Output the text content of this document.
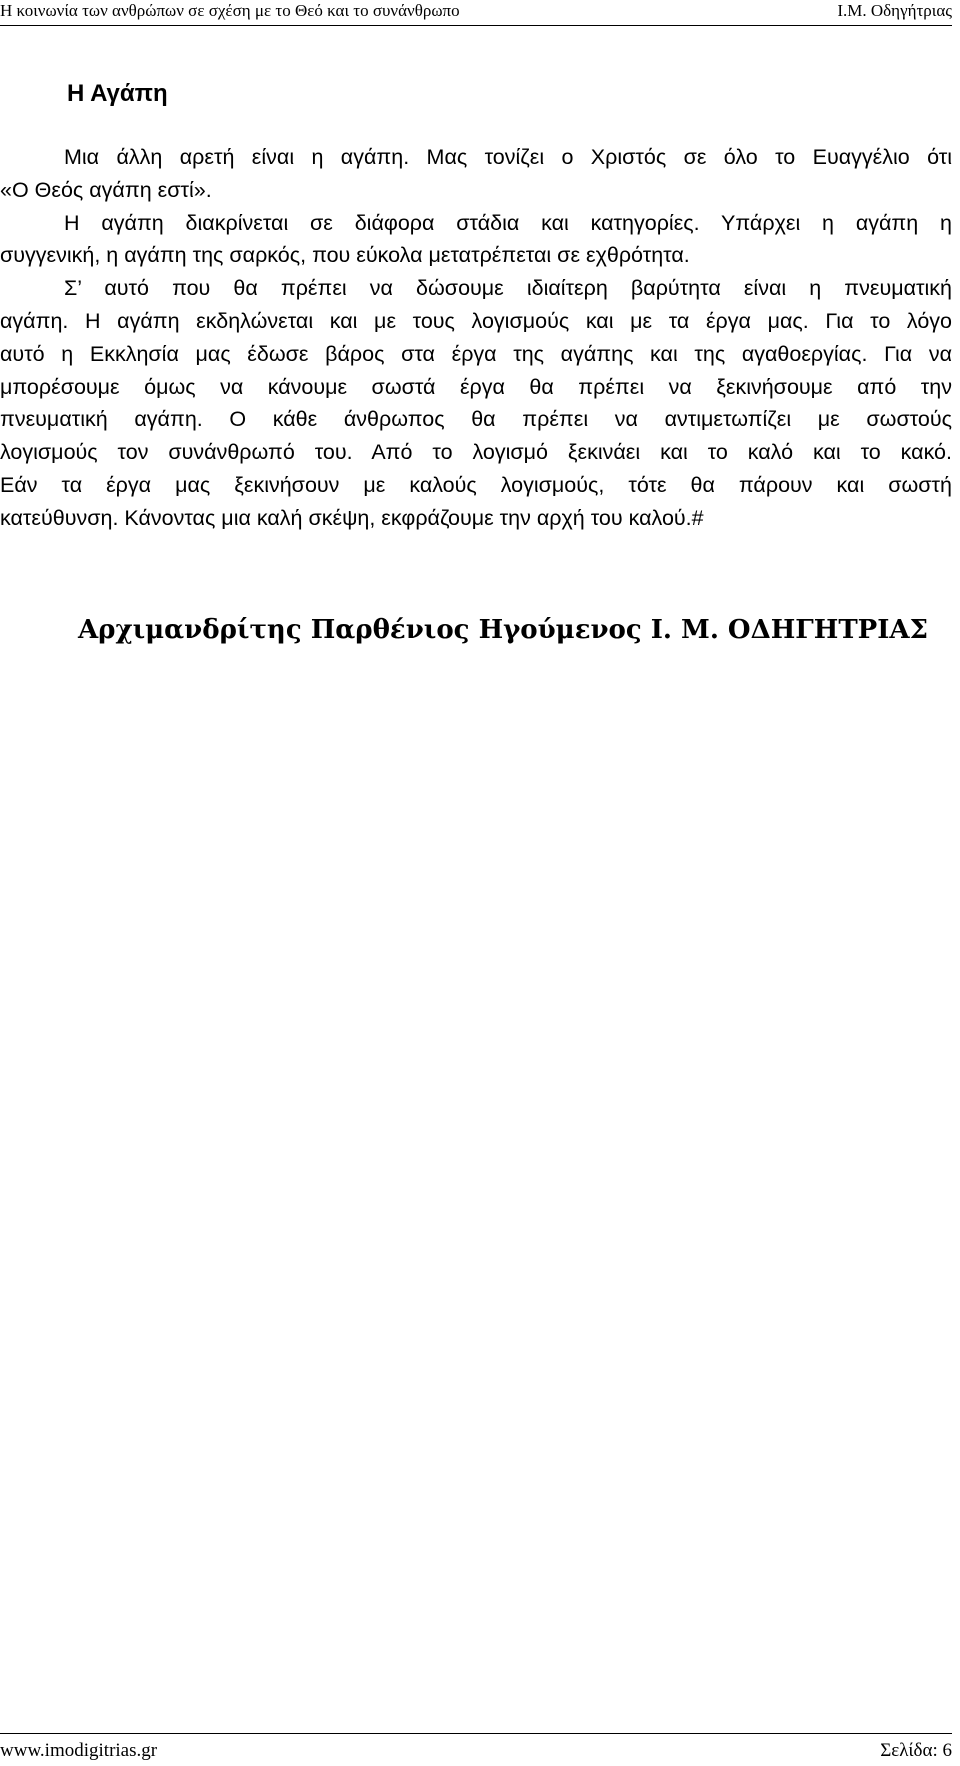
Η κοινωνία των ανθρώπων σε σχέση με το Θεό και το συνάνθρωπο	Ι.Μ. Οδηγήτριας
Η Αγάπη
Μια άλλη αρετή είναι η αγάπη. Μας τονίζει ο Χριστός σε όλο το Ευαγγέλιο ότι
«Ο Θεός αγάπη εστί».
Η αγάπη διακρίνεται σε διάφορα στάδια και κατηγορίες. Υπάρχει η αγάπη η
συγγενική, η αγάπη της σαρκός, που εύκολα μετατρέπεται σε εχθρότητα.
Σ’ αυτό που θα πρέπει να δώσουμε ιδιαίτερη βαρύτητα είναι η πνευματική
αγάπη. Η αγάπη εκδηλώνεται και με τους λογισμούς και με τα έργα μας. Για το λόγο
αυτό η Εκκλησία μας έδωσε βάρος στα έργα της αγάπης και της αγαθοεργίας. Για να
μπορέσουμε όμως να κάνουμε σωστά έργα θα πρέπει να ξεκινήσουμε από την
πνευματική αγάπη. Ο κάθε άνθρωπος θα πρέπει να αντιμετωπίζει με σωστούς
λογισμούς τον συνάνθρωπό του. Από το λογισμό ξεκινάει και το καλό και το κακό.
Εάν τα έργα μας ξεκινήσουν με καλούς λογισμούς, τότε θα πάρουν και σωστή
κατεύθυνση. Κάνοντας μια καλή σκέψη, εκφράζουμε την αρχή του καλού.#
Αρχιμανδρίτης Παρθένιος Ηγούμενος Ι. Μ. ΟΔΗΓΗΤΡΙΑΣ
www.imodigitrias.gr	Σελίδα: 6
